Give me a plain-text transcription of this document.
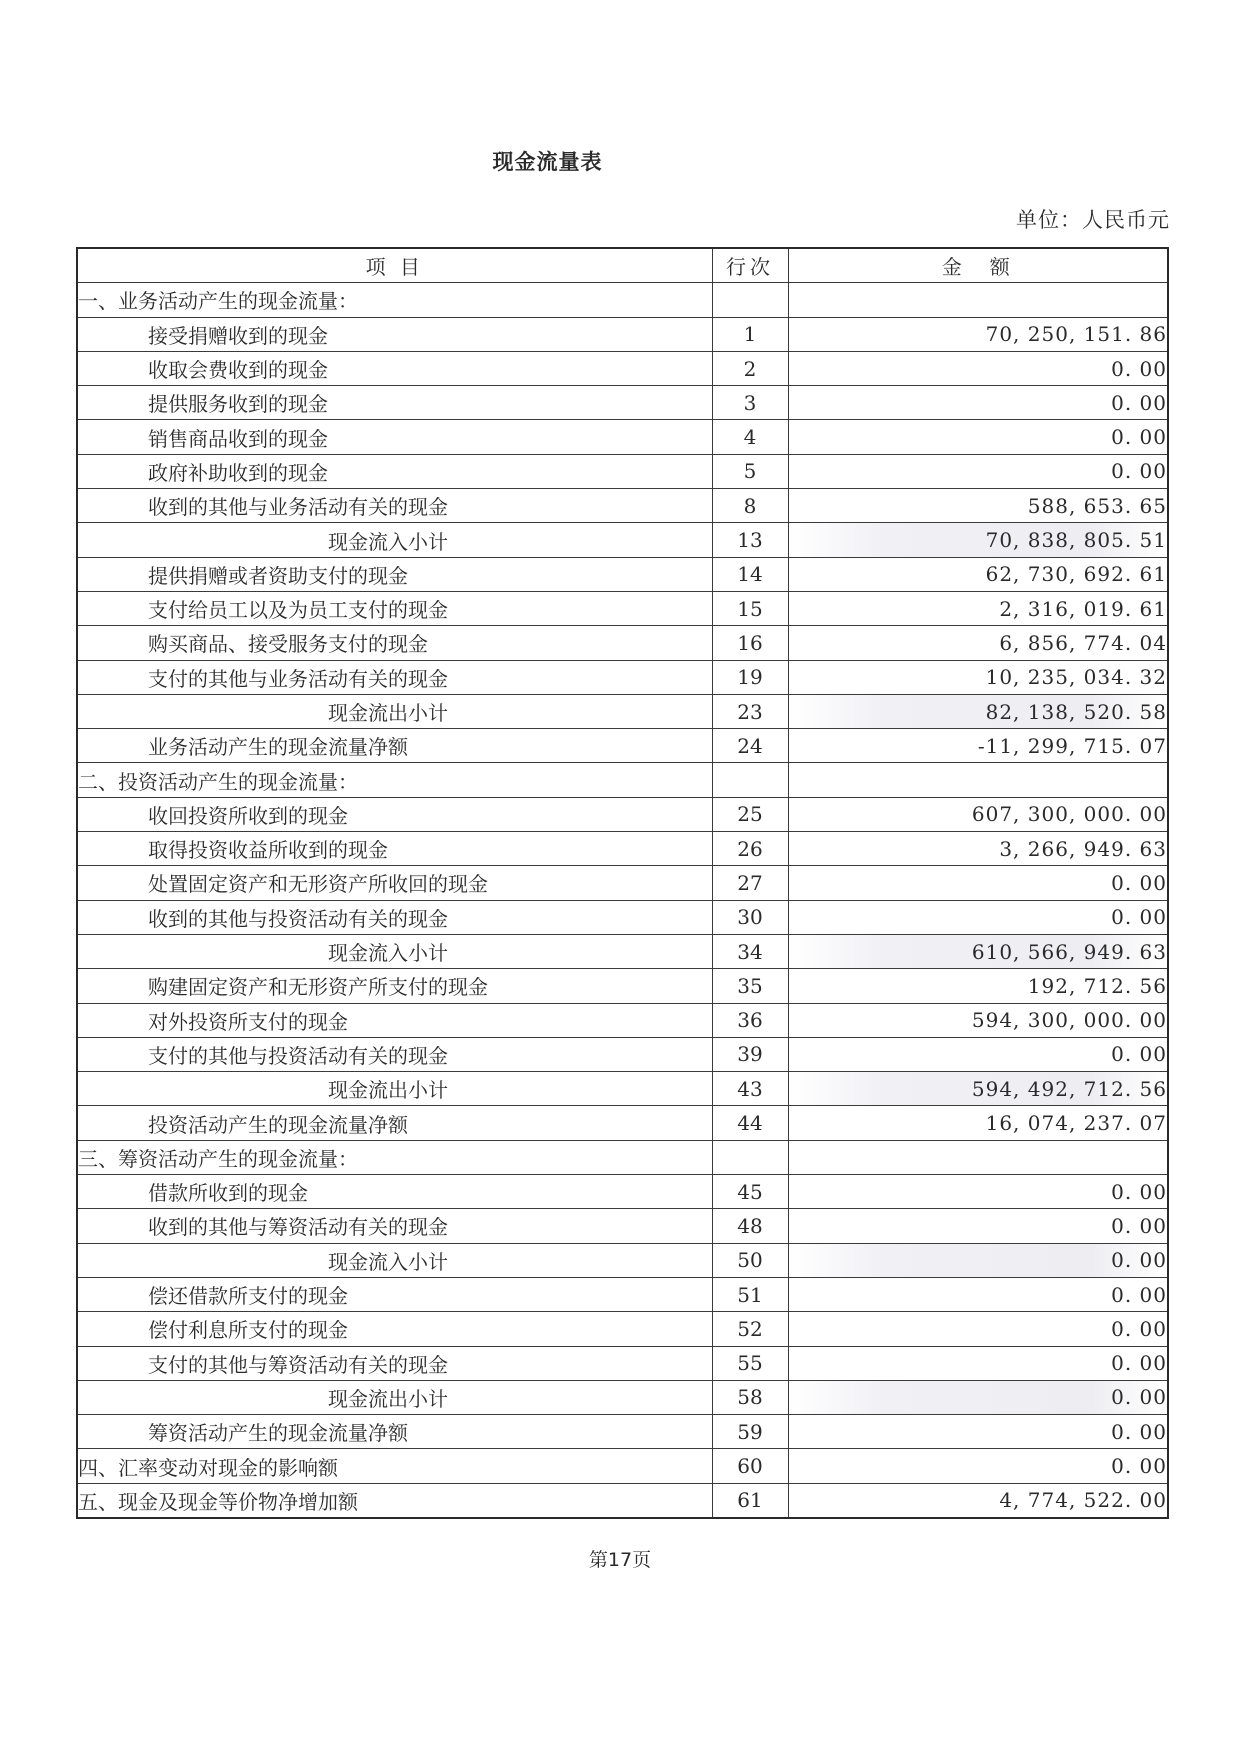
现金流量表
单位：人民币元
项 目	行次	金　额
一、业务活动产生的现金流量：		
接受捐赠收到的现金	1	70, 250, 151. 86
收取会费收到的现金	2	0. 00
提供服务收到的现金	3	0. 00
销售商品收到的现金	4	0. 00
政府补助收到的现金	5	0. 00
收到的其他与业务活动有关的现金	8	588, 653. 65
现金流入小计	13	70, 838, 805. 51
提供捐赠或者资助支付的现金	14	62, 730, 692. 61
支付给员工以及为员工支付的现金	15	2, 316, 019. 61
购买商品、接受服务支付的现金	16	6, 856, 774. 04
支付的其他与业务活动有关的现金	19	10, 235, 034. 32
现金流出小计	23	82, 138, 520. 58
业务活动产生的现金流量净额	24	-11, 299, 715. 07
二、投资活动产生的现金流量：		
收回投资所收到的现金	25	607, 300, 000. 00
取得投资收益所收到的现金	26	3, 266, 949. 63
处置固定资产和无形资产所收回的现金	27	0. 00
收到的其他与投资活动有关的现金	30	0. 00
现金流入小计	34	610, 566, 949. 63
购建固定资产和无形资产所支付的现金	35	192, 712. 56
对外投资所支付的现金	36	594, 300, 000. 00
支付的其他与投资活动有关的现金	39	0. 00
现金流出小计	43	594, 492, 712. 56
投资活动产生的现金流量净额	44	16, 074, 237. 07
三、筹资活动产生的现金流量：		
借款所收到的现金	45	0. 00
收到的其他与筹资活动有关的现金	48	0. 00
现金流入小计	50	0. 00
偿还借款所支付的现金	51	0. 00
偿付利息所支付的现金	52	0. 00
支付的其他与筹资活动有关的现金	55	0. 00
现金流出小计	58	0. 00
筹资活动产生的现金流量净额	59	0. 00
四、汇率变动对现金的影响额	60	0. 00
五、现金及现金等价物净增加额	61	4, 774, 522. 00
第17页
